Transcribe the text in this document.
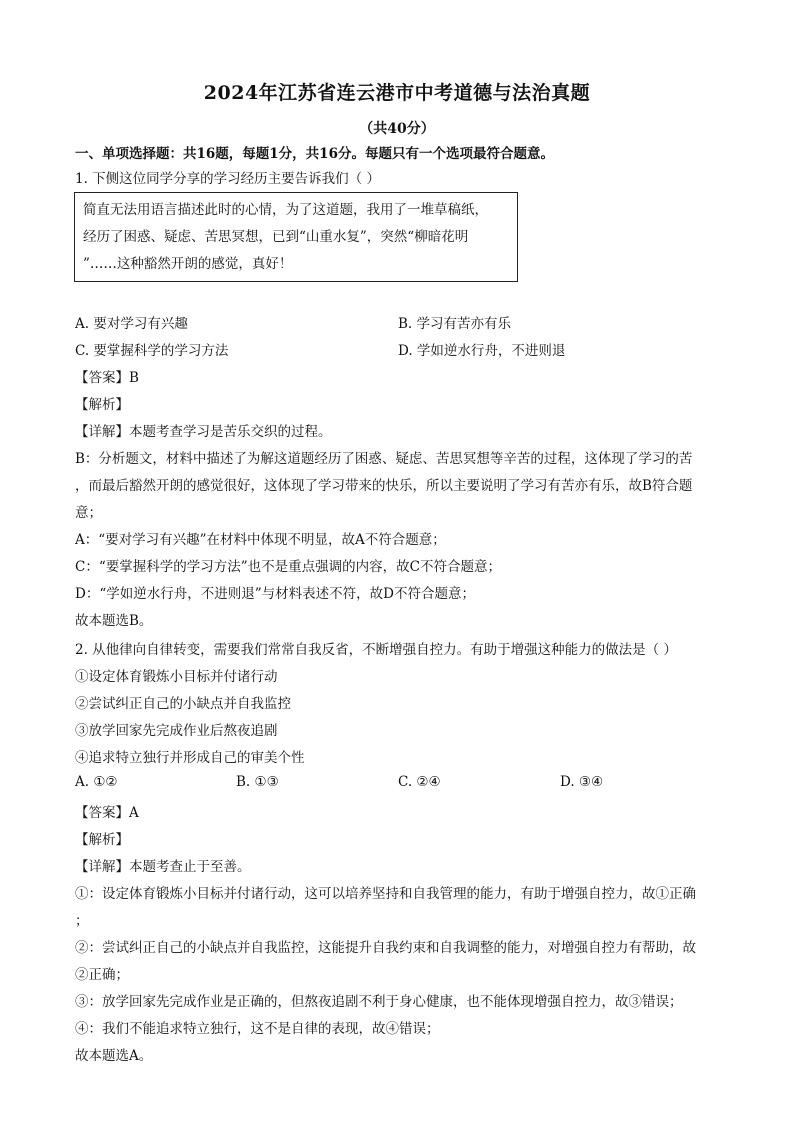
2024年江苏省连云港市中考道德与法治真题
（共40分）
一、单项选择题：共16题，每题1分，共16分。每题只有一个选项最符合题意。
1. 下侧这位同学分享的学习经历主要告诉我们（ ）
简直无法用语言描述此时的心情，为了这道题，我用了一堆草稿纸，
经历了困惑、疑虑、苦思冥想，已到“山重水复”，突然“柳暗花明
”……这种豁然开朗的感觉，真好！
A. 要对学习有兴趣	B. 学习有苦亦有乐
C. 要掌握科学的学习方法	D. 学如逆水行舟，不进则退
【答案】B
【解析】
【详解】本题考查学习是苦乐交织的过程。
B：分析题文，材料中描述了为解这道题经历了困惑、疑虑、苦思冥想等辛苦的过程，这体现了学习的苦
，而最后豁然开朗的感觉很好，这体现了学习带来的快乐，所以主要说明了学习有苦亦有乐，故B符合题
意；
A：“要对学习有兴趣”在材料中体现不明显，故A不符合题意；
C：“要掌握科学的学习方法”也不是重点强调的内容，故C不符合题意；
D：“学如逆水行舟，不进则退”与材料表述不符，故D不符合题意；
故本题选B。
2. 从他律向自律转变，需要我们常常自我反省，不断增强自控力。有助于增强这种能力的做法是（ ）
①设定体育锻炼小目标并付诸行动
②尝试纠正自己的小缺点并自我监控
③放学回家先完成作业后熬夜追剧
④追求特立独行并形成自己的审美个性
A. ①②	B. ①③	C. ②④	D. ③④
【答案】A
【解析】
【详解】本题考查止于至善。
①：设定体育锻炼小目标并付诸行动，这可以培养坚持和自我管理的能力，有助于增强自控力，故①正确
；
②：尝试纠正自己的小缺点并自我监控，这能提升自我约束和自我调整的能力，对增强自控力有帮助，故
②正确；
③：放学回家先完成作业是正确的，但熬夜追剧不利于身心健康，也不能体现增强自控力，故③错误；
④：我们不能追求特立独行，这不是自律的表现，故④错误；
故本题选A。
